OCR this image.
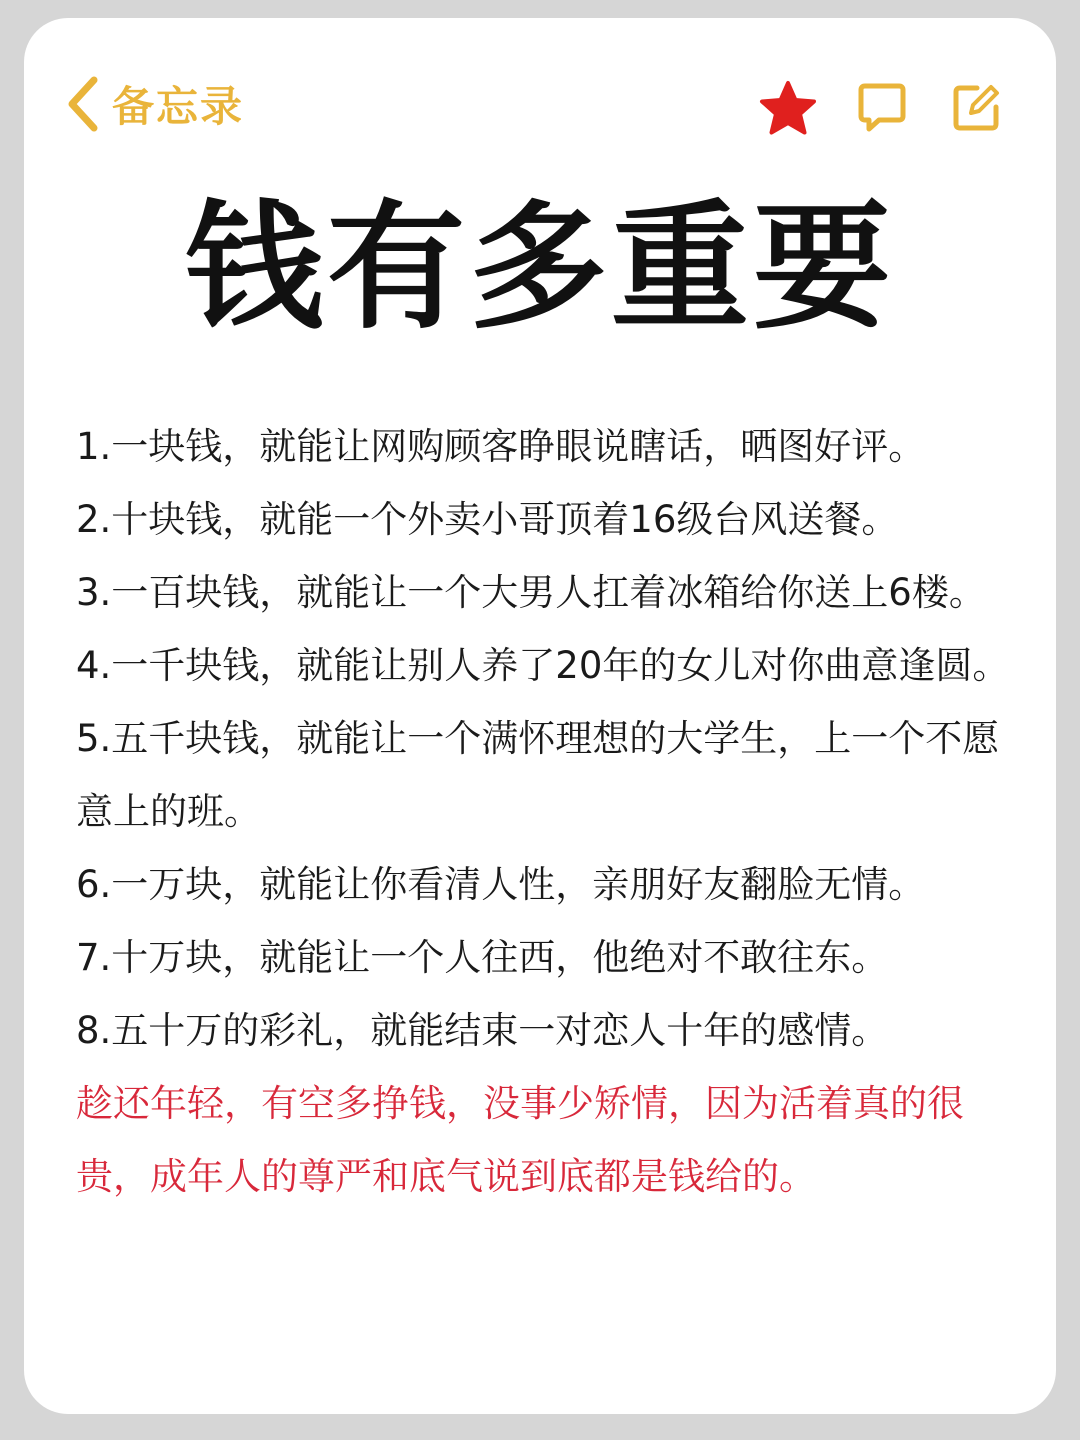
备忘录
钱有多重要

1.一块钱，就能让网购顾客睁眼说瞎话，晒图好评。

2.十块钱，就能一个外卖小哥顶着16级台风送餐。

3.一百块钱，就能让一个大男人扛着冰箱给你送上6楼。

4.一千块钱，就能让别人养了20年的女儿对你曲意逢圆。

5.五千块钱，就能让一个满怀理想的大学生，上一个不愿意上的班。

6.一万块，就能让你看清人性，亲朋好友翻脸无情。

7.十万块，就能让一个人往西，他绝对不敢往东。

8.五十万的彩礼，就能结束一对恋人十年的感情。

趁还年轻，有空多挣钱，没事少矫情，因为活着真的很贵，成年人的尊严和底气说到底都是钱给的。
